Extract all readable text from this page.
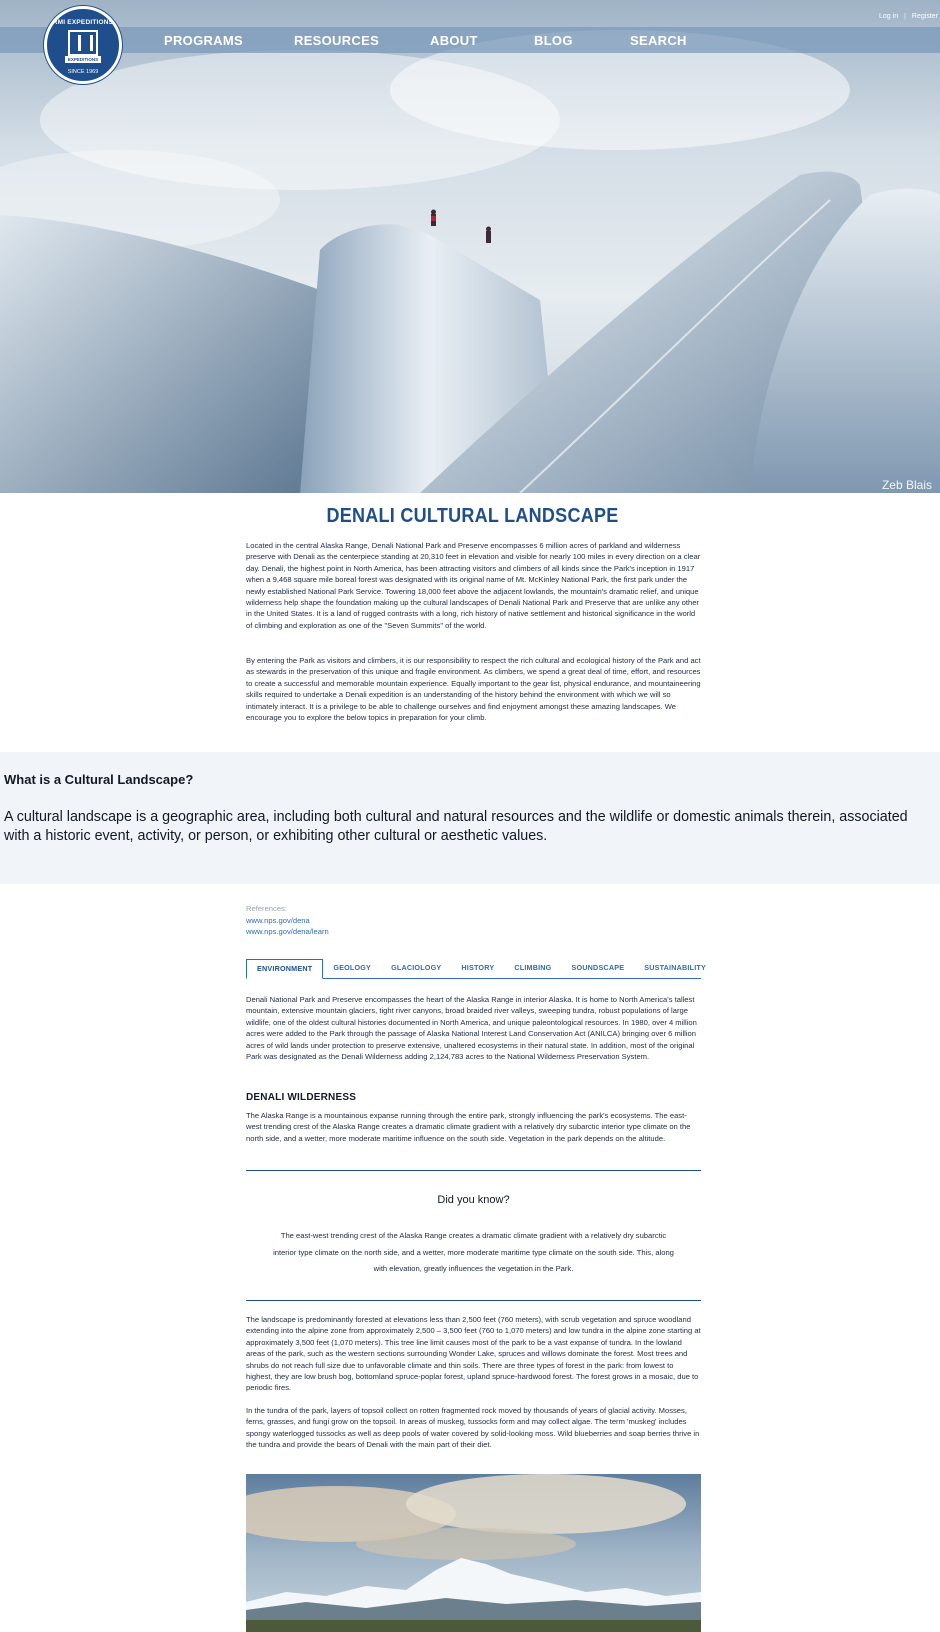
Log in | Register
PROGRAMS	RESOURCES	ABOUT	BLOG	SEARCH
RMI EXPEDITIONS
EXPEDITIONS
SINCE 1969
Zeb Blais
DENALI CULTURAL LANDSCAPE

Located in the central Alaska Range, Denali National Park and Preserve encompasses 6 million acres of parkland and wilderness preserve with Denali as the centerpiece standing at 20,310 feet in elevation and visible for nearly 100 miles in every direction on a clear day. Denali, the highest point in North America, has been attracting visitors and climbers of all kinds since the Park's inception in 1917 when a 9,468 square mile boreal forest was designated with its original name of Mt. McKinley National Park, the first park under the newly established National Park Service. Towering 18,000 feet above the adjacent lowlands, the mountain's dramatic relief, and unique wilderness help shape the foundation making up the cultural landscapes of Denali National Park and Preserve that are unlike any other in the United States. It is a land of rugged contrasts with a long, rich history of native settlement and historical significance in the world of climbing and exploration as one of the "Seven Summits" of the world.

By entering the Park as visitors and climbers, it is our responsibility to respect the rich cultural and ecological history of the Park and act as stewards in the preservation of this unique and fragile environment. As climbers, we spend a great deal of time, effort, and resources to create a successful and memorable mountain experience. Equally important to the gear list, physical endurance, and mountaineering skills required to undertake a Denali expedition is an understanding of the history behind the environment with which we will so intimately interact. It is a privilege to be able to challenge ourselves and find enjoyment amongst these amazing landscapes. We encourage you to explore the below topics in preparation for your climb.

What is a Cultural Landscape?
A cultural landscape is a geographic area, including both cultural and natural resources and the wildlife or domestic animals therein, associated with a historic event, activity, or person, or exhibiting other cultural or aesthetic values.
References:
www.nps.gov/dena
www.nps.gov/dena/learn
ENVIRONMENT	GEOLOGY	GLACIOLOGY	HISTORY	CLIMBING	SOUNDSCAPE	SUSTAINABILITY

Denali National Park and Preserve encompasses the heart of the Alaska Range in interior Alaska. It is home to North America's tallest mountain, extensive mountain glaciers, tight river canyons, broad braided river valleys, sweeping tundra, robust populations of large wildlife, one of the oldest cultural histories documented in North America, and unique paleontological resources. In 1980, over 4 million acres were added to the Park through the passage of Alaska National Interest Land Conservation Act (ANILCA) bringing over 6 million acres of wild lands under protection to preserve extensive, unaltered ecosystems in their natural state. In addition, most of the original Park was designated as the Denali Wilderness adding 2,124,783 acres to the National Wilderness Preservation System.

DENALI WILDERNESS

The Alaska Range is a mountainous expanse running through the entire park, strongly influencing the park's ecosystems. The east-west trending crest of the Alaska Range creates a dramatic climate gradient with a relatively dry subarctic interior type climate on the north side, and a wetter, more moderate maritime influence on the south side. Vegetation in the park depends on the altitude.

Did you know?

The east-west trending crest of the Alaska Range creates a dramatic climate gradient with a relatively dry subarctic interior type climate on the north side, and a wetter, more moderate maritime type climate on the south side. This, along with elevation, greatly influences the vegetation in the Park.

The landscape is predominantly forested at elevations less than 2,500 feet (760 meters), with scrub vegetation and spruce woodland extending into the alpine zone from approximately 2,500 – 3,500 feet (760 to 1,070 meters) and low tundra in the alpine zone starting at approximately 3,500 feet (1,070 meters). This tree line limit causes most of the park to be a vast expanse of tundra. In the lowland areas of the park, such as the western sections surrounding Wonder Lake, spruces and willows dominate the forest. Most trees and shrubs do not reach full size due to unfavorable climate and thin soils. There are three types of forest in the park: from lowest to highest, they are low brush bog, bottomland spruce-poplar forest, upland spruce-hardwood forest. The forest grows in a mosaic, due to periodic fires.

In the tundra of the park, layers of topsoil collect on rotten fragmented rock moved by thousands of years of glacial activity. Mosses, ferns, grasses, and fungi grow on the topsoil. In areas of muskeg, tussocks form and may collect algae. The term 'muskeg' includes spongy waterlogged tussocks as well as deep pools of water covered by solid-looking moss. Wild blueberries and soap berries thrive in the tundra and provide the bears of Denali with the main part of their diet.
